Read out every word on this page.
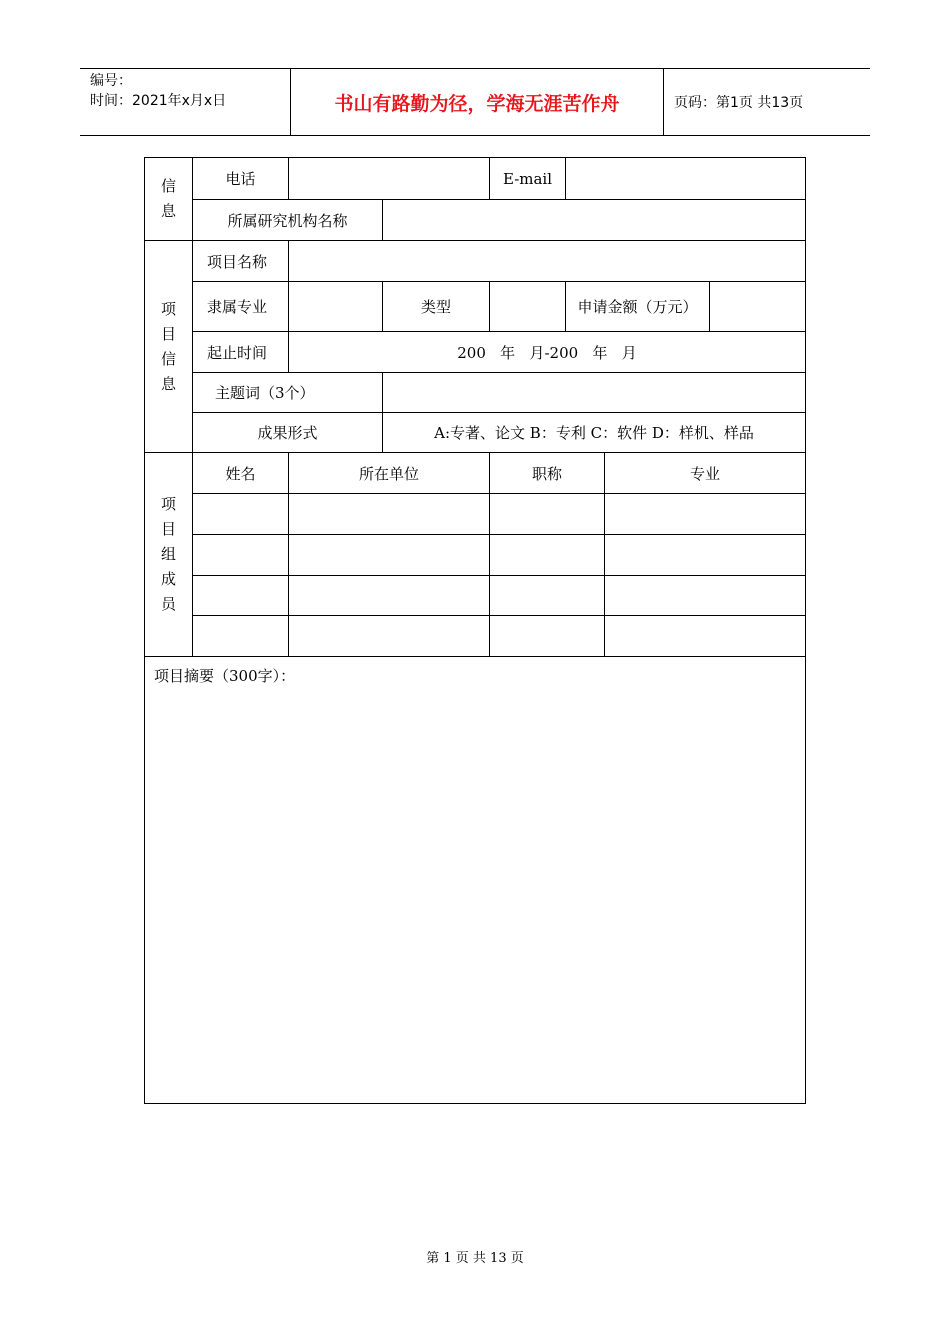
编号：
时间：2021年x月x日	书山有路勤为径，学海无涯苦作舟	页码：第1页 共13页
信息	电话			E-mail			
	所属研究机构名称						
项目信息	项目名称						
	隶属专业		类型		申请金额（万元）		
	起止时间	200   年   月-200   年   月					
	主题词（3个）						
	成果形式		A:专著、论文 B：专利 C：软件 D：样机、样品				
项目组成员	姓名	所在单位		职称		专业	

项目摘要（300字）：							
第 1 页 共 13 页
